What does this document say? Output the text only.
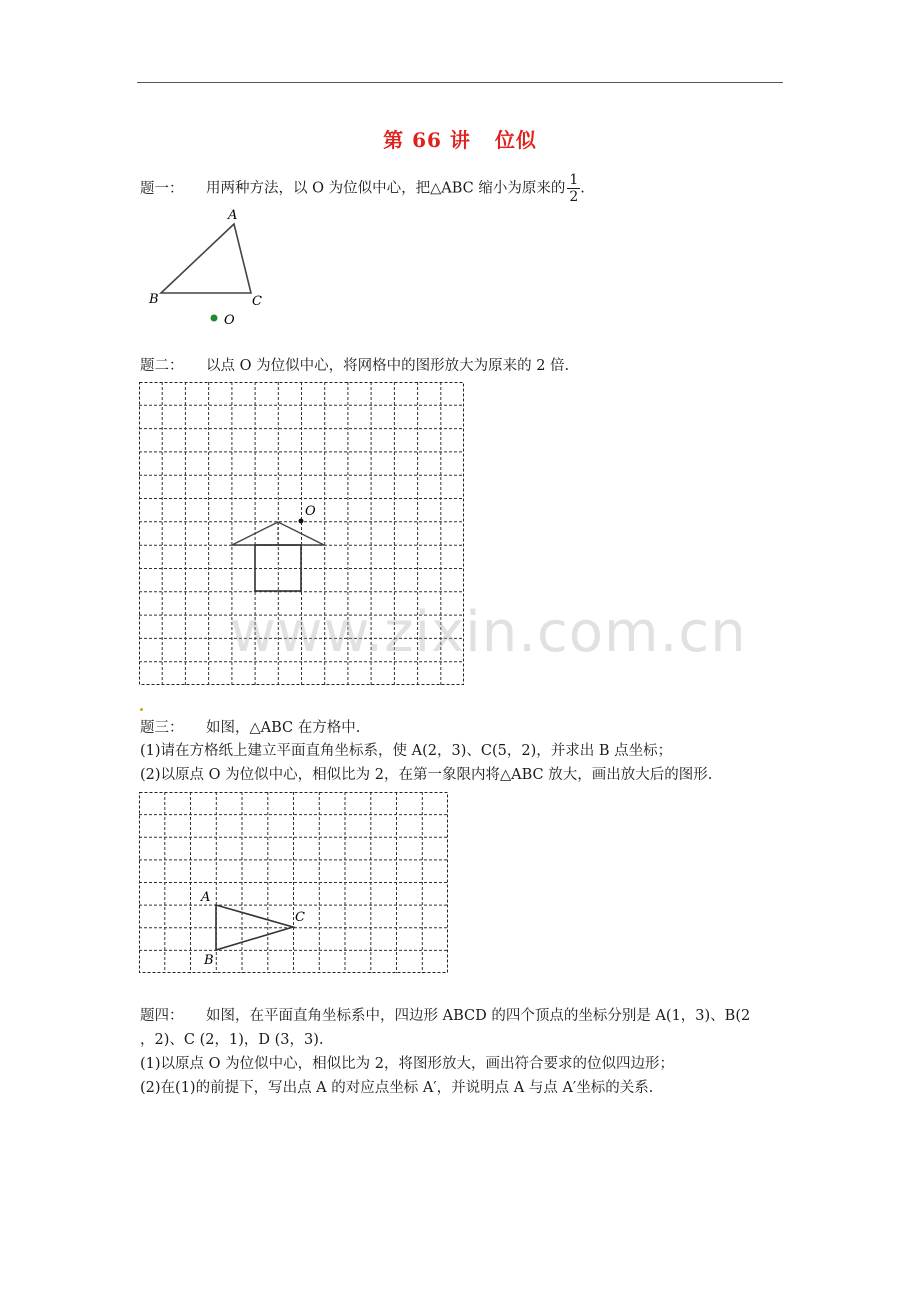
第 66 讲 位似
题一： 用两种方法，以 O 为位似中心，把△ABC 缩小为原来的 $\frac{1}{2}$ .
A
B	C
O
题二： 以点 O 为位似中心，将网格中的图形放大为原来的 2 倍.
O
题三： 如图，△ABC 在方格中.
(1)请在方格纸上建立平面直角坐标系，使 A(2，3)、C(5，2)，并求出 B 点坐标；
(2)以原点 O 为位似中心，相似比为 2，在第一象限内将△ABC 放大，画出放大后的图形.
A
B
C
题四： 如图，在平面直角坐标系中，四边形 ABCD 的四个顶点的坐标分别是 A(1，3)、B(2
，2)、C (2，1)，D (3，3).
(1)以原点 O 为位似中心，相似比为 2，将图形放大，画出符合要求的位似四边形；
(2)在(1)的前提下，写出点 A 的对应点坐标 A′，并说明点 A 与点 A′坐标的关系.
www.zixin.com.cn
